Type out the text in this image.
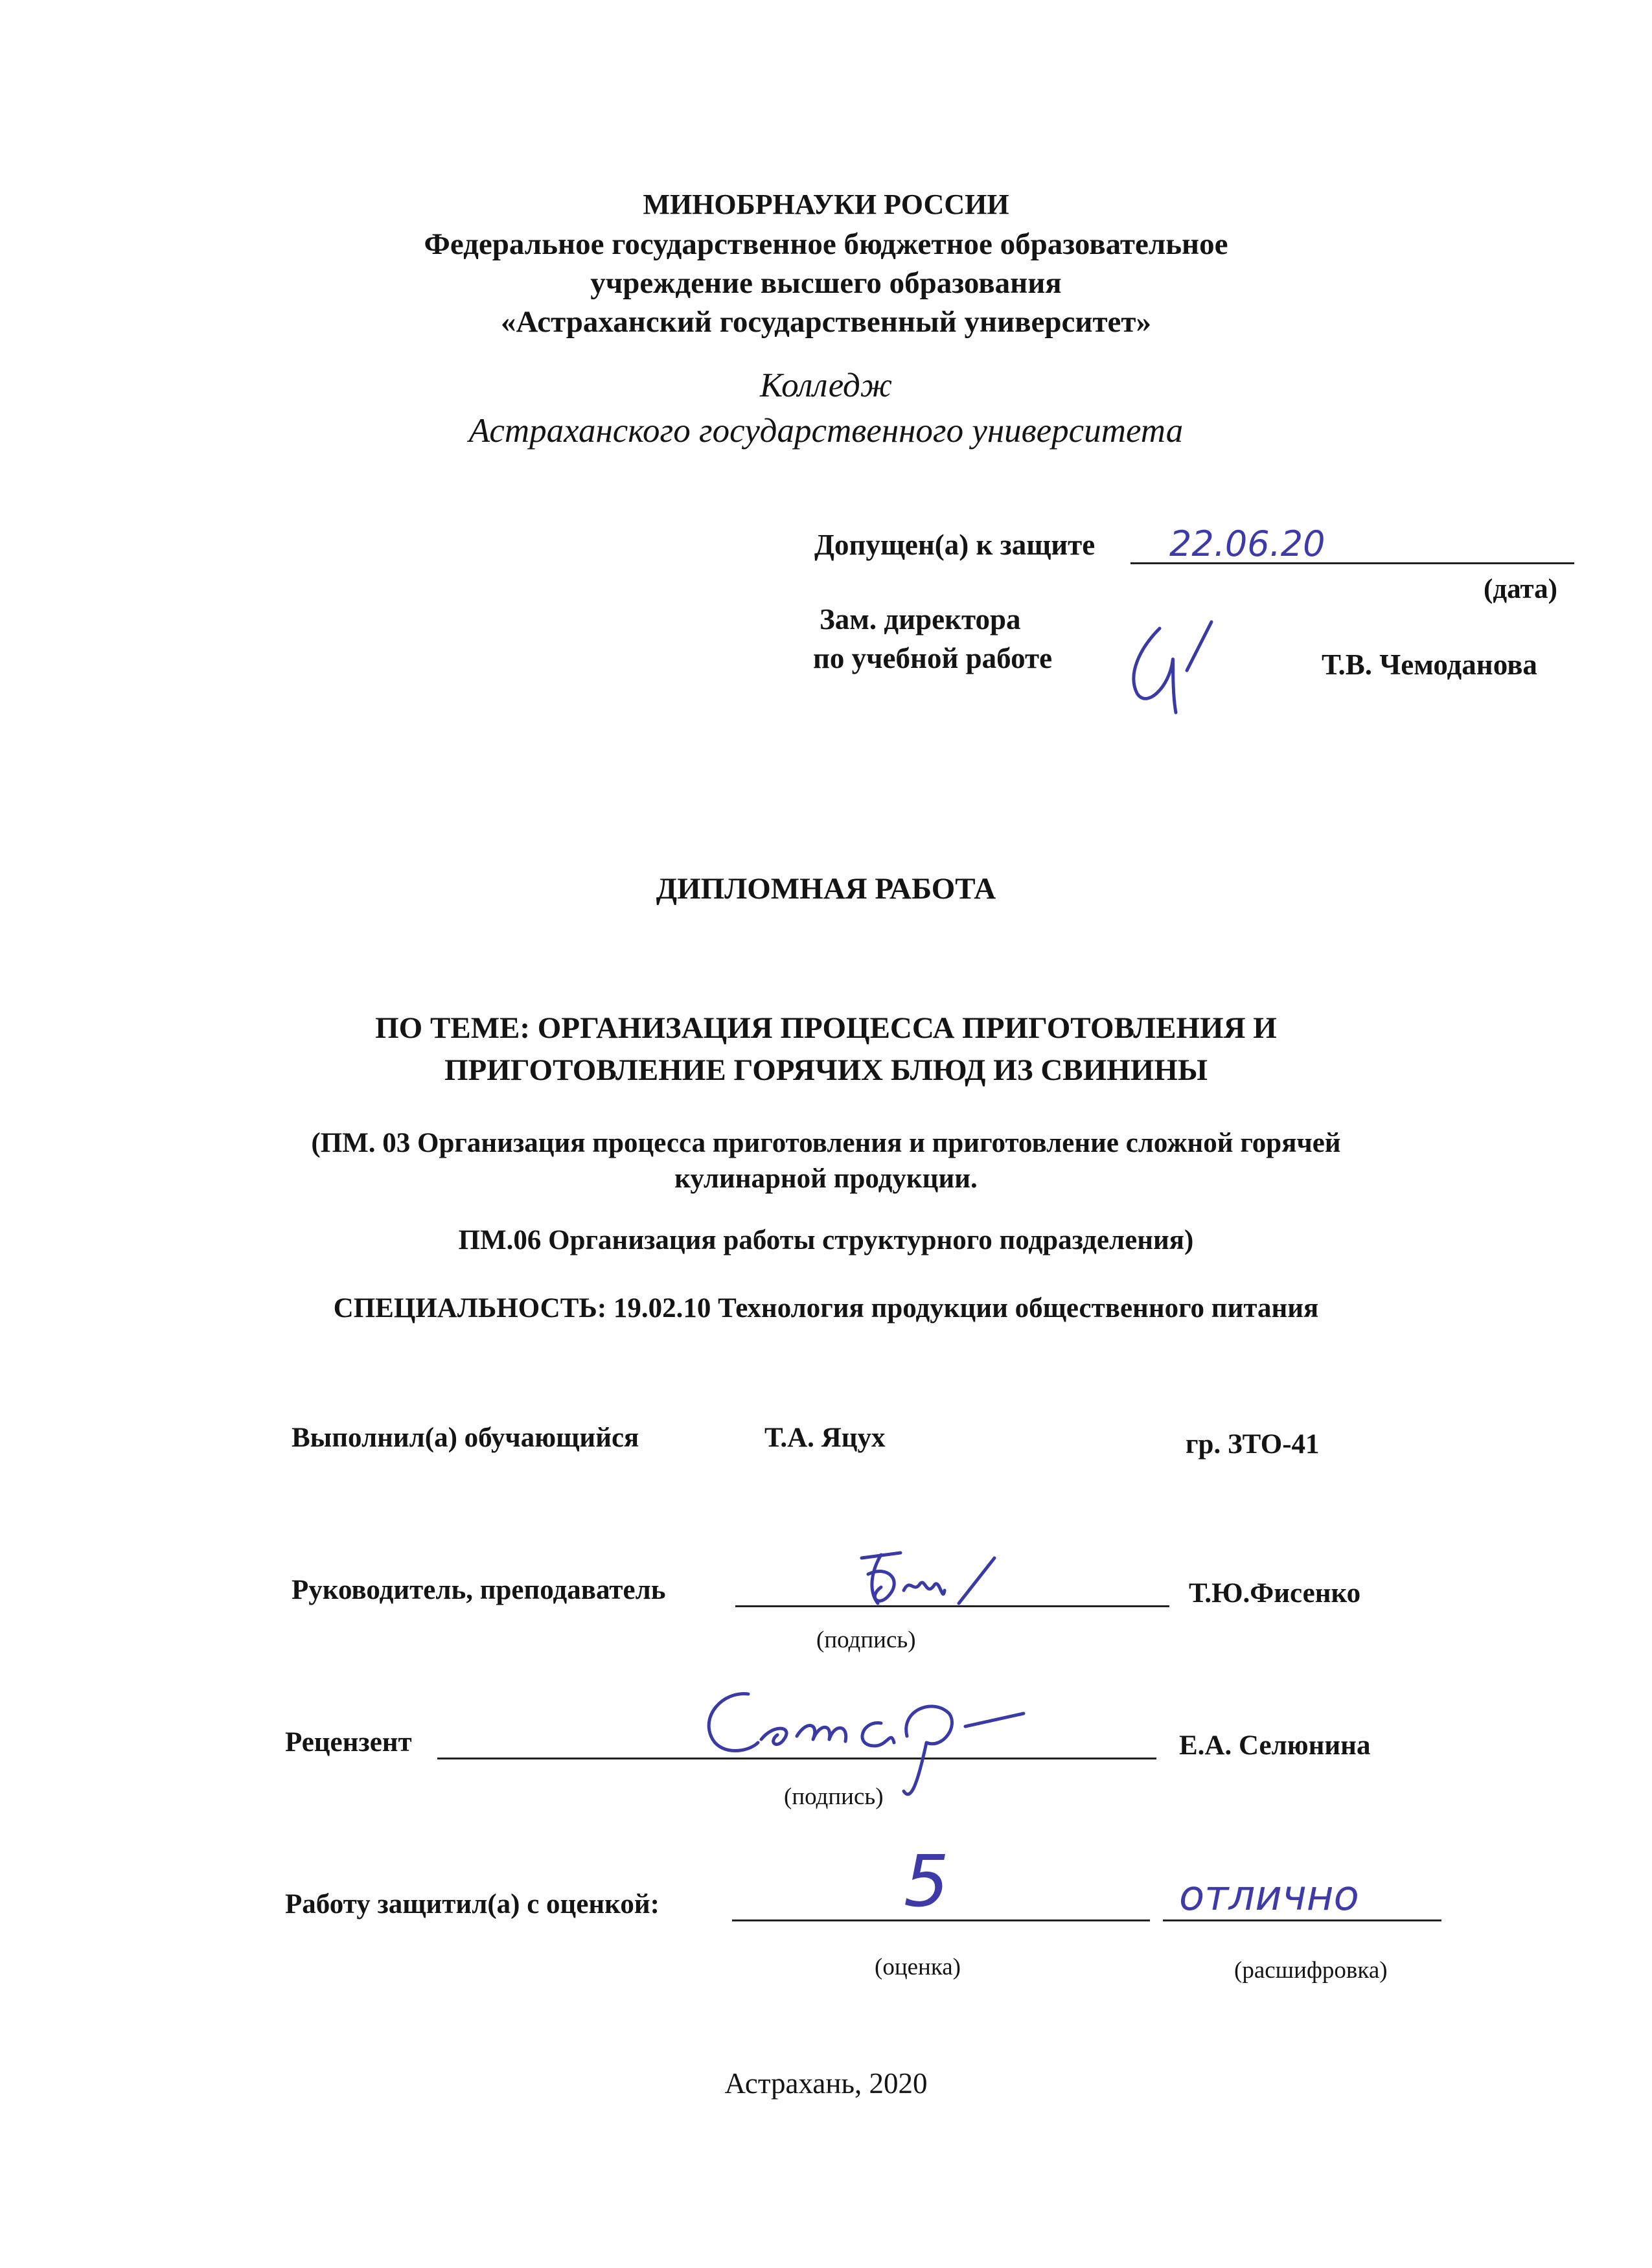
МИНОБРНАУКИ РОССИИ
Федеральное государственное бюджетное образовательное
учреждение высшего образования
«Астраханский государственный университет»
Колледж
Астраханского государственного университета
Допущен(а) к защите 22.06.20
(дата)
Зам. директора
по учебной работе	Т.В. Чемоданова
ДИПЛОМНАЯ РАБОТА
ПО ТЕМЕ: ОРГАНИЗАЦИЯ ПРОЦЕССА ПРИГОТОВЛЕНИЯ И
ПРИГОТОВЛЕНИЕ ГОРЯЧИХ БЛЮД ИЗ СВИНИНЫ
(ПМ. 03 Организация процесса приготовления и приготовление сложной горячей
кулинарной продукции.
ПМ.06 Организация работы структурного подразделения)
СПЕЦИАЛЬНОСТЬ: 19.02.10 Технология продукции общественного питания
Выполнил(а) обучающийся	Т.А. Яцух	гр. ЗТО-41
Руководитель, преподаватель	Т.Ю.Фисенко
(подпись)
Рецензент	Е.А. Селюнина
(подпись)
Работу защитил(а) с оценкой:	5	отлично
(оценка)	(расшифровка)
Астрахань, 2020
